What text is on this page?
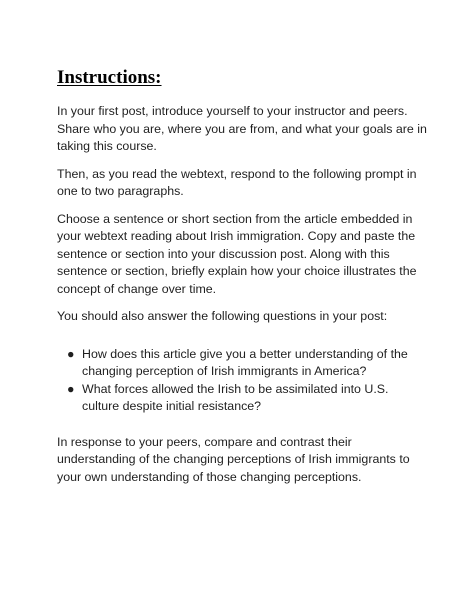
Instructions:

In your first post, introduce yourself to your instructor and peers. Share who you are, where you are from, and what your goals are in taking this course.

Then, as you read the webtext, respond to the following prompt in one to two paragraphs.

Choose a sentence or short section from the article embedded in your webtext reading about Irish immigration. Copy and paste the sentence or section into your discussion post. Along with this sentence or section, briefly explain how your choice illustrates the concept of change over time.

You should also answer the following questions in your post:

● How does this article give you a better understanding of the changing perception of Irish immigrants in America?
● What forces allowed the Irish to be assimilated into U.S. culture despite initial resistance?

In response to your peers, compare and contrast their understanding of the changing perceptions of Irish immigrants to your own understanding of those changing perceptions.
